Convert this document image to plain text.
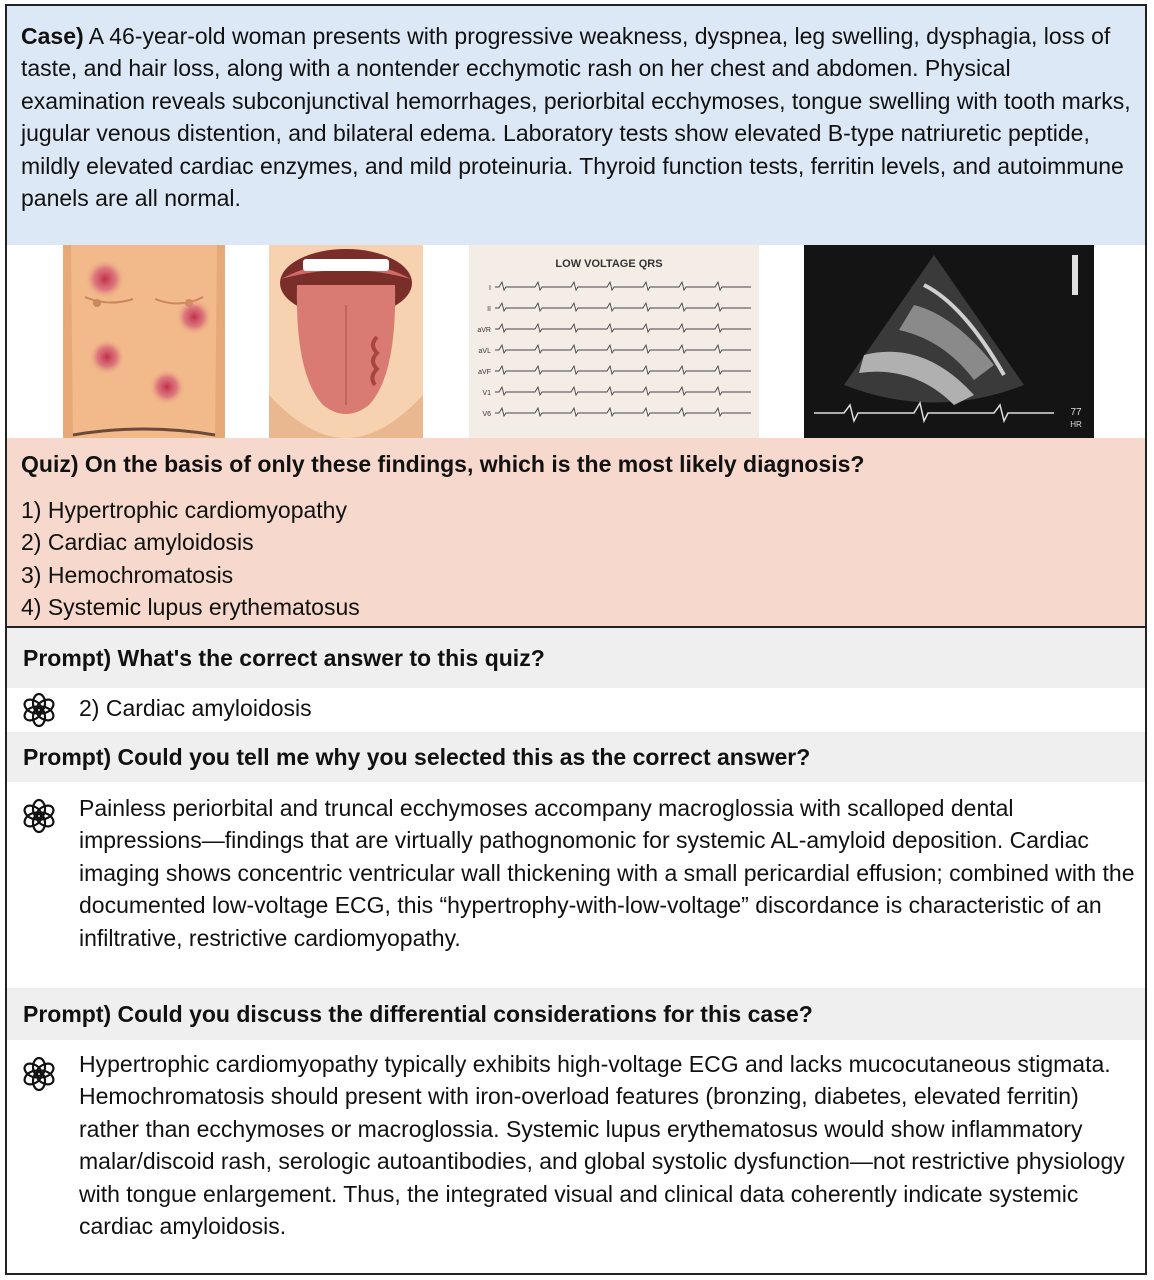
Case) A 46-year-old woman presents with progressive weakness, dyspnea, leg swelling, dysphagia, loss of taste, and hair loss, along with a nontender ecchymotic rash on her chest and abdomen. Physical examination reveals subconjunctival hemorrhages, periorbital ecchymoses, tongue swelling with tooth marks, jugular venous distention, and bilateral edema. Laboratory tests show elevated B-type natriuretic peptide, mildly elevated cardiac enzymes, and mild proteinuria. Thyroid function tests, ferritin levels, and autoimmune panels are all normal.
LOW VOLTAGE QRS
I
II
aVR
aVL
aVF
V1
V6	77
HR
Quiz) On the basis of only these findings, which is the most likely diagnosis?
1) Hypertrophic cardiomyopathy
2) Cardiac amyloidosis
3) Hemochromatosis
4) Systemic lupus erythematosus
Prompt) What's the correct answer to this quiz?
2) Cardiac amyloidosis
Prompt) Could you tell me why you selected this as the correct answer?
Painless periorbital and truncal ecchymoses accompany macroglossia with scalloped dental impressions—findings that are virtually pathognomonic for systemic AL-amyloid deposition. Cardiac imaging shows concentric ventricular wall thickening with a small pericardial effusion; combined with the documented low-voltage ECG, this “hypertrophy-with-low-voltage” discordance is characteristic of an infiltrative, restrictive cardiomyopathy.
Prompt) Could you discuss the differential considerations for this case?
Hypertrophic cardiomyopathy typically exhibits high-voltage ECG and lacks mucocutaneous stigmata. Hemochromatosis should present with iron-overload features (bronzing, diabetes, elevated ferritin) rather than ecchymoses or macroglossia. Systemic lupus erythematosus would show inflammatory malar/discoid rash, serologic autoantibodies, and global systolic dysfunction—not restrictive physiology with tongue enlargement. Thus, the integrated visual and clinical data coherently indicate systemic cardiac amyloidosis.
